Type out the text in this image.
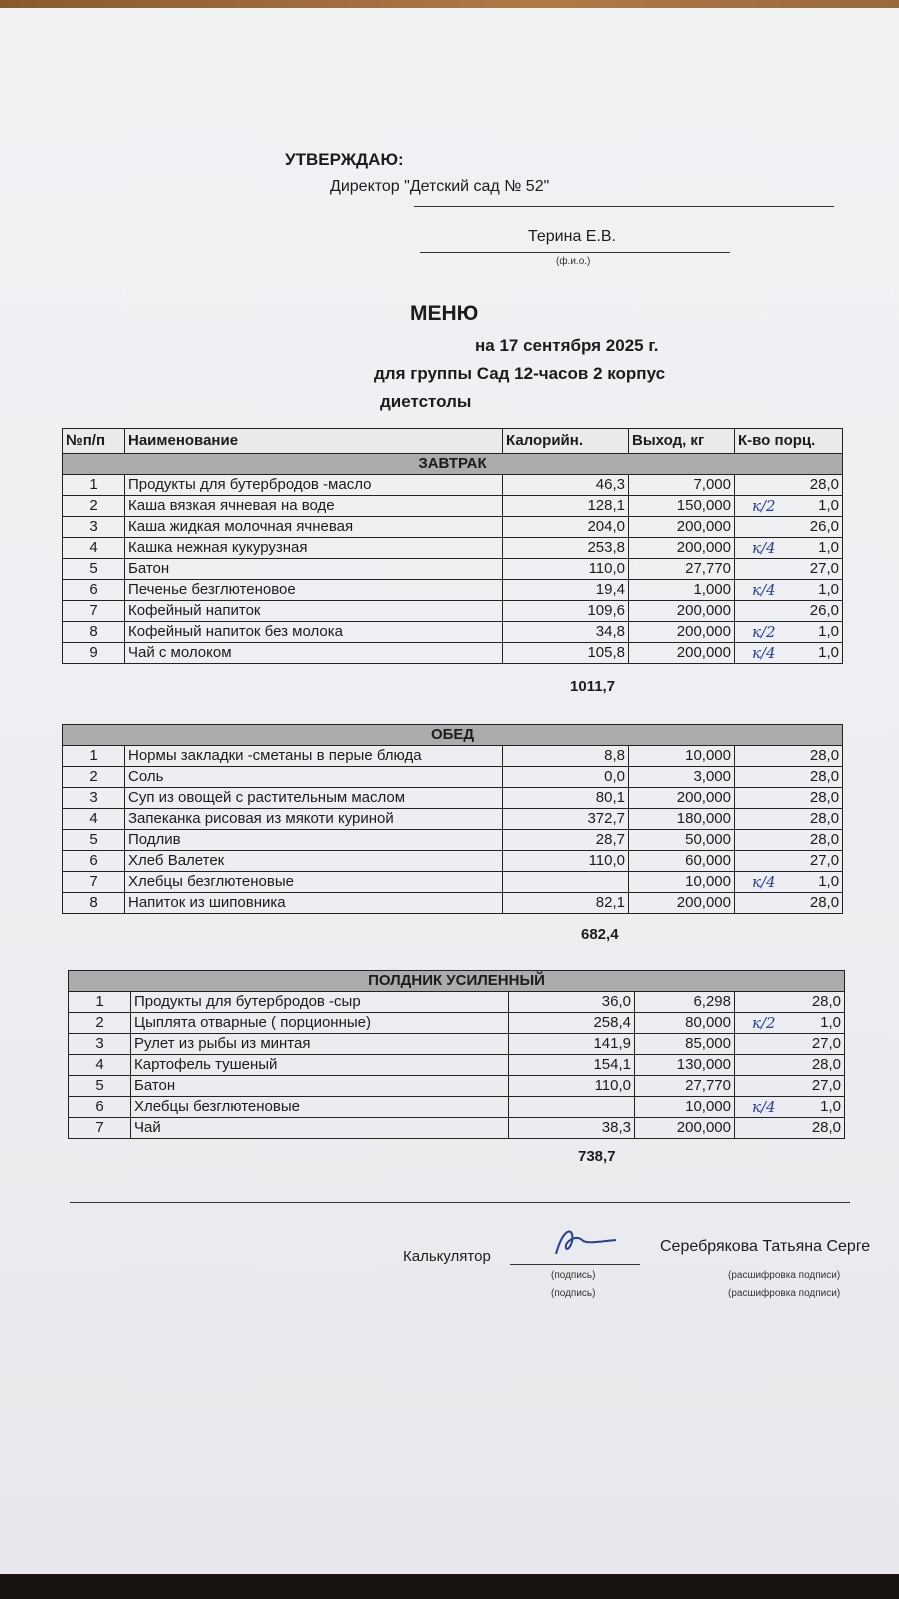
УТВЕРЖДАЮ:
Директор "Детский сад № 52"
Терина Е.В.
(ф.и.о.)
МЕНЮ
на 17 сентября 2025 г.
для группы Сад 12-часов 2 корпус
диетстолы
№п/п	Наименование	Калорийн.	Выход, кг	К-во порц.
ЗАВТРАК				
1	Продукты для бутербродов -масло	46,3	7,000	28,0
2	Каша вязкая ячневая на воде	128,1	150,000	к/2 1,0
3	Каша жидкая молочная ячневая	204,0	200,000	26,0
4	Кашка нежная кукурузная	253,8	200,000	к/4 1,0
5	Батон	110,0	27,770	27,0
6	Печенье безглютеновое	19,4	1,000	к/4 1,0
7	Кофейный напиток	109,6	200,000	26,0
8	Кофейный напиток без молока	34,8	200,000	к/2 1,0
9	Чай с молоком	105,8	200,000	к/4 1,0
1011,7
ОБЕД				
1	Нормы закладки -сметаны в перые блюда	8,8	10,000	28,0
2	Соль	0,0	3,000	28,0
3	Суп из овощей с растительным маслом	80,1	200,000	28,0
4	Запеканка рисовая из мякоти куриной	372,7	180,000	28,0
5	Подлив	28,7	50,000	28,0
6	Хлеб Валетек	110,0	60,000	27,0
7	Хлебцы безглютеновые		10,000	к/4 1,0
8	Напиток из шиповника	82,1	200,000	28,0
682,4
ПОЛДНИК УСИЛЕННЫЙ				
1	Продукты для бутербродов -сыр	36,0	6,298	28,0
2	Цыплята отварные ( порционные)	258,4	80,000	к/2 1,0
3	Рулет из рыбы из минтая	141,9	85,000	27,0
4	Картофель тушеный	154,1	130,000	28,0
5	Батон	110,0	27,770	27,0
6	Хлебцы безглютеновые		10,000	к/4 1,0
7	Чай	38,3	200,000	28,0
738,7
Калькулятор
(подпись)
(подпись)
Серебрякова Татьяна Серге
(расшифровка подписи)
(расшифровка подписи)
